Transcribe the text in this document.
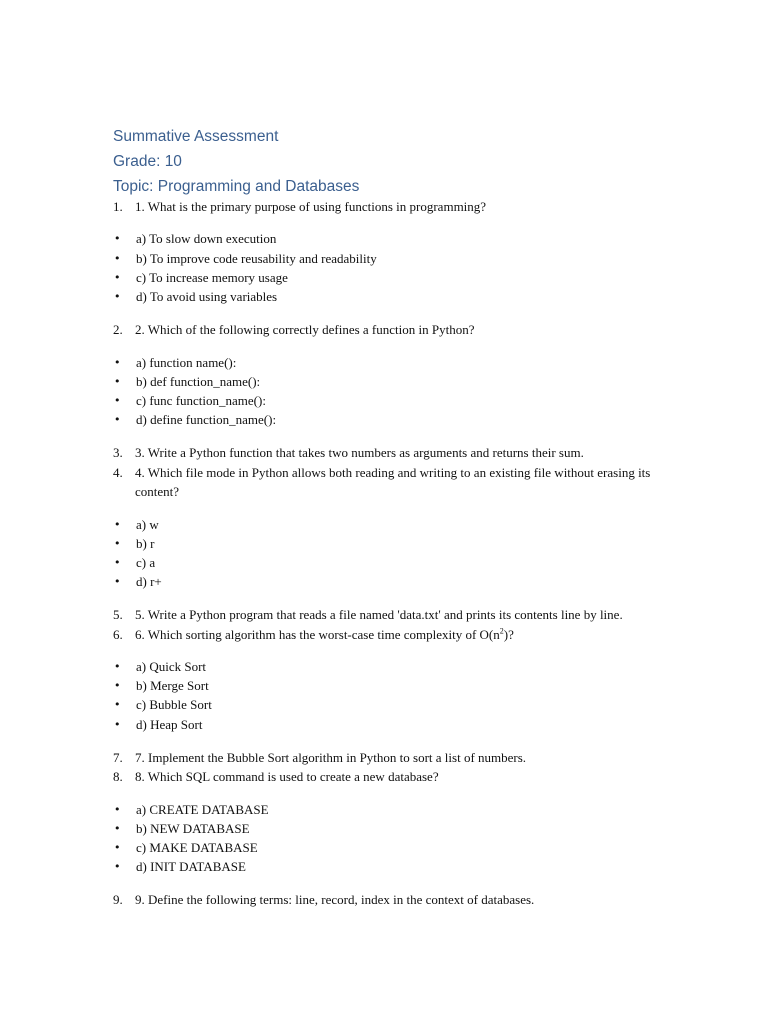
Summative Assessment
Grade: 10
Topic: Programming and Databases
1. 1. What is the primary purpose of using functions in programming?
•	a) To slow down execution
•	b) To improve code reusability and readability
•	c) To increase memory usage
•	d) To avoid using variables
2. 2. Which of the following correctly defines a function in Python?
•	a) function name():
•	b) def function_name():
•	c) func function_name():
•	d) define function_name():
3. 3. Write a Python function that takes two numbers as arguments and returns their sum.
4. 4. Which file mode in Python allows both reading and writing to an existing file without erasing its content?
•	a) w
•	b) r
•	c) a
•	d) r+
5. 5. Write a Python program that reads a file named 'data.txt' and prints its contents line by line.
6. 6. Which sorting algorithm has the worst-case time complexity of $O(n^2)$?
•	a) Quick Sort
•	b) Merge Sort
•	c) Bubble Sort
•	d) Heap Sort
7. 7. Implement the Bubble Sort algorithm in Python to sort a list of numbers.
8. 8. Which SQL command is used to create a new database?
•	a) CREATE DATABASE
•	b) NEW DATABASE
•	c) MAKE DATABASE
•	d) INIT DATABASE
9. 9. Define the following terms: line, record, index in the context of databases.
